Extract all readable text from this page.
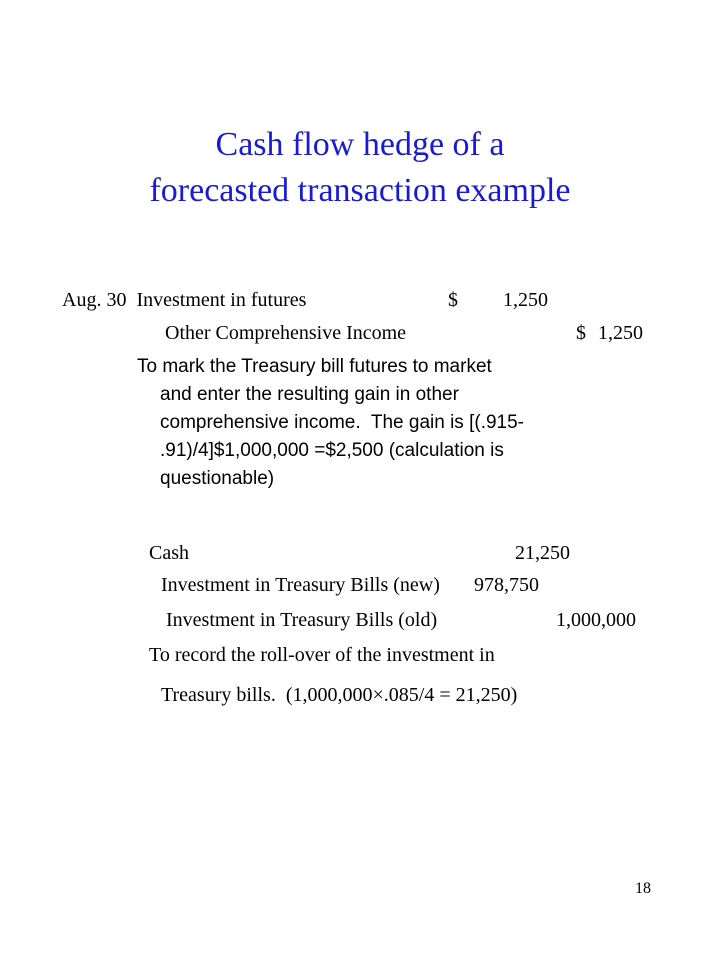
Cash flow hedge of a
forecasted transaction example
Aug. 30  Investment in futures	$ 1,250
Other Comprehensive Income	$ 1,250
To mark the Treasury bill futures to market
and enter the resulting gain in other
comprehensive income.  The gain is [(.915-
.91)/4]$1,000,000 =$2,500 (calculation is
questionable)
Cash	21,250
Investment in Treasury Bills (new) 978,750
Investment in Treasury Bills (old)	1,000,000
To record the roll-over of the investment in
Treasury bills.  (1,000,000×.085/4 = 21,250)
18
